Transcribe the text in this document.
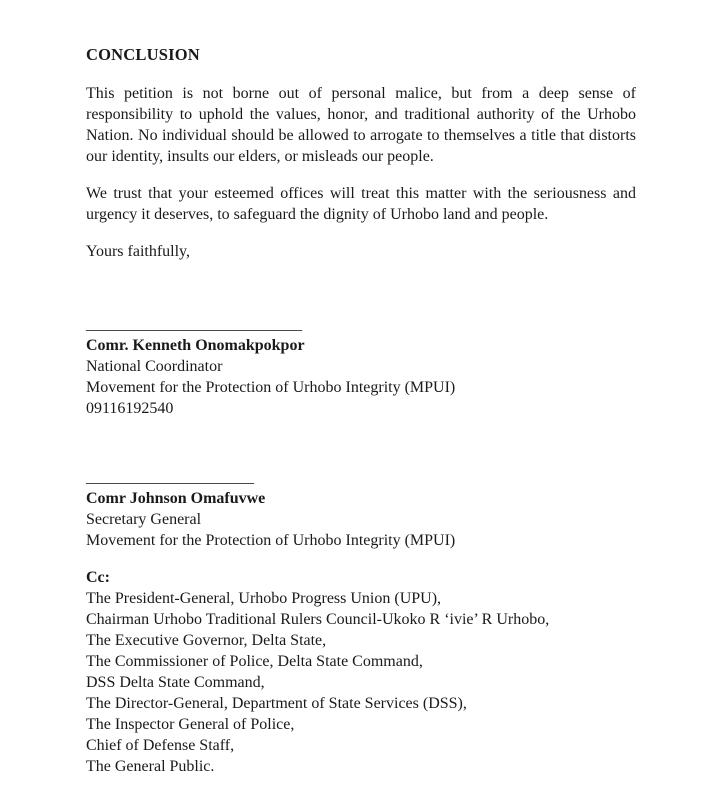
CONCLUSION

This petition is not borne out of personal malice, but from a deep sense of responsibility to uphold the values, honor, and traditional authority of the Urhobo Nation. No individual should be allowed to arrogate to themselves a title that distorts our identity, insults our elders, or misleads our people.

We trust that your esteemed offices will treat this matter with the seriousness and urgency it deserves, to safeguard the dignity of Urhobo land and people.

Yours faithfully,

___________________________
Comr. Kenneth Onomakpokpor
National Coordinator
Movement for the Protection of Urhobo Integrity (MPUI)
09116192540
_____________________
Comr Johnson Omafuvwe
Secretary General
Movement for the Protection of Urhobo Integrity (MPUI)
Cc:
The President-General, Urhobo Progress Union (UPU),
Chairman Urhobo Traditional Rulers Council-Ukoko R ‘ivie’ R Urhobo,
The Executive Governor, Delta State,
The Commissioner of Police, Delta State Command,
DSS Delta State Command,
The Director-General, Department of State Services (DSS),
The Inspector General of Police,
Chief of Defense Staff,
The General Public.
